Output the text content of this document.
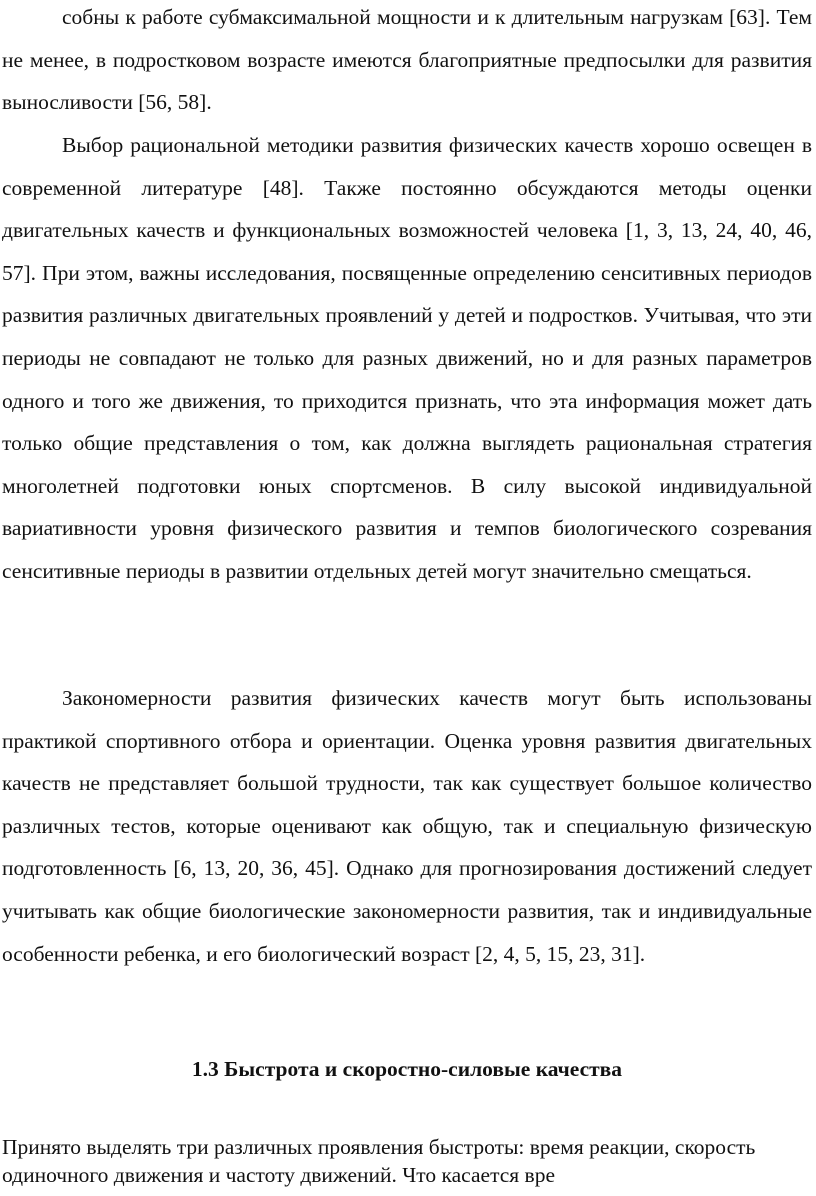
собны к работе субмаксимальной мощности и к длительным нагрузкам [63]. Тем не менее, в подростковом возрасте имеются благоприятные предпосылки для развития выносливости [56, 58].

Выбор рациональной методики развития физических качеств хорошо освещен в современной литературе [48]. Также постоянно обсуждаются методы оценки двигательных качеств и функциональных возможностей человека [1, 3, 13, 24, 40, 46, 57]. При этом, важны исследования, посвященные определению сенситивных периодов развития различных двигательных проявлений у детей и подростков. Учитывая, что эти периоды не совпадают не только для разных движений, но и для разных параметров одного и того же движения, то приходится признать, что эта информация может дать только общие представления о том, как должна выглядеть рациональная стратегия многолетней подготовки юных спортсменов. В силу высокой индивидуальной вариативности уровня физического развития и темпов биологического созревания сенситивные периоды в развитии отдельных детей могут значительно смещаться.

Закономерности развития физических качеств могут быть использованы практикой спортивного отбора и ориентации. Оценка уровня развития двигательных качеств не представляет большой трудности, так как существует большое количество различных тестов, которые оценивают как общую, так и специальную физическую подготовленность [6, 13, 20, 36, 45]. Однако для прогнозирования достижений следует учитывать как общие биологические закономерности развития, так и индивидуальные особенности ребенка, и его биологический возраст [2, 4, 5, 15, 23, 31].

1.3 Быстрота и скоростно-силовые качества

Принято выделять три различных проявления быстроты: время реакции, скорость одиночного движения и частоту движений. Что касается вре
